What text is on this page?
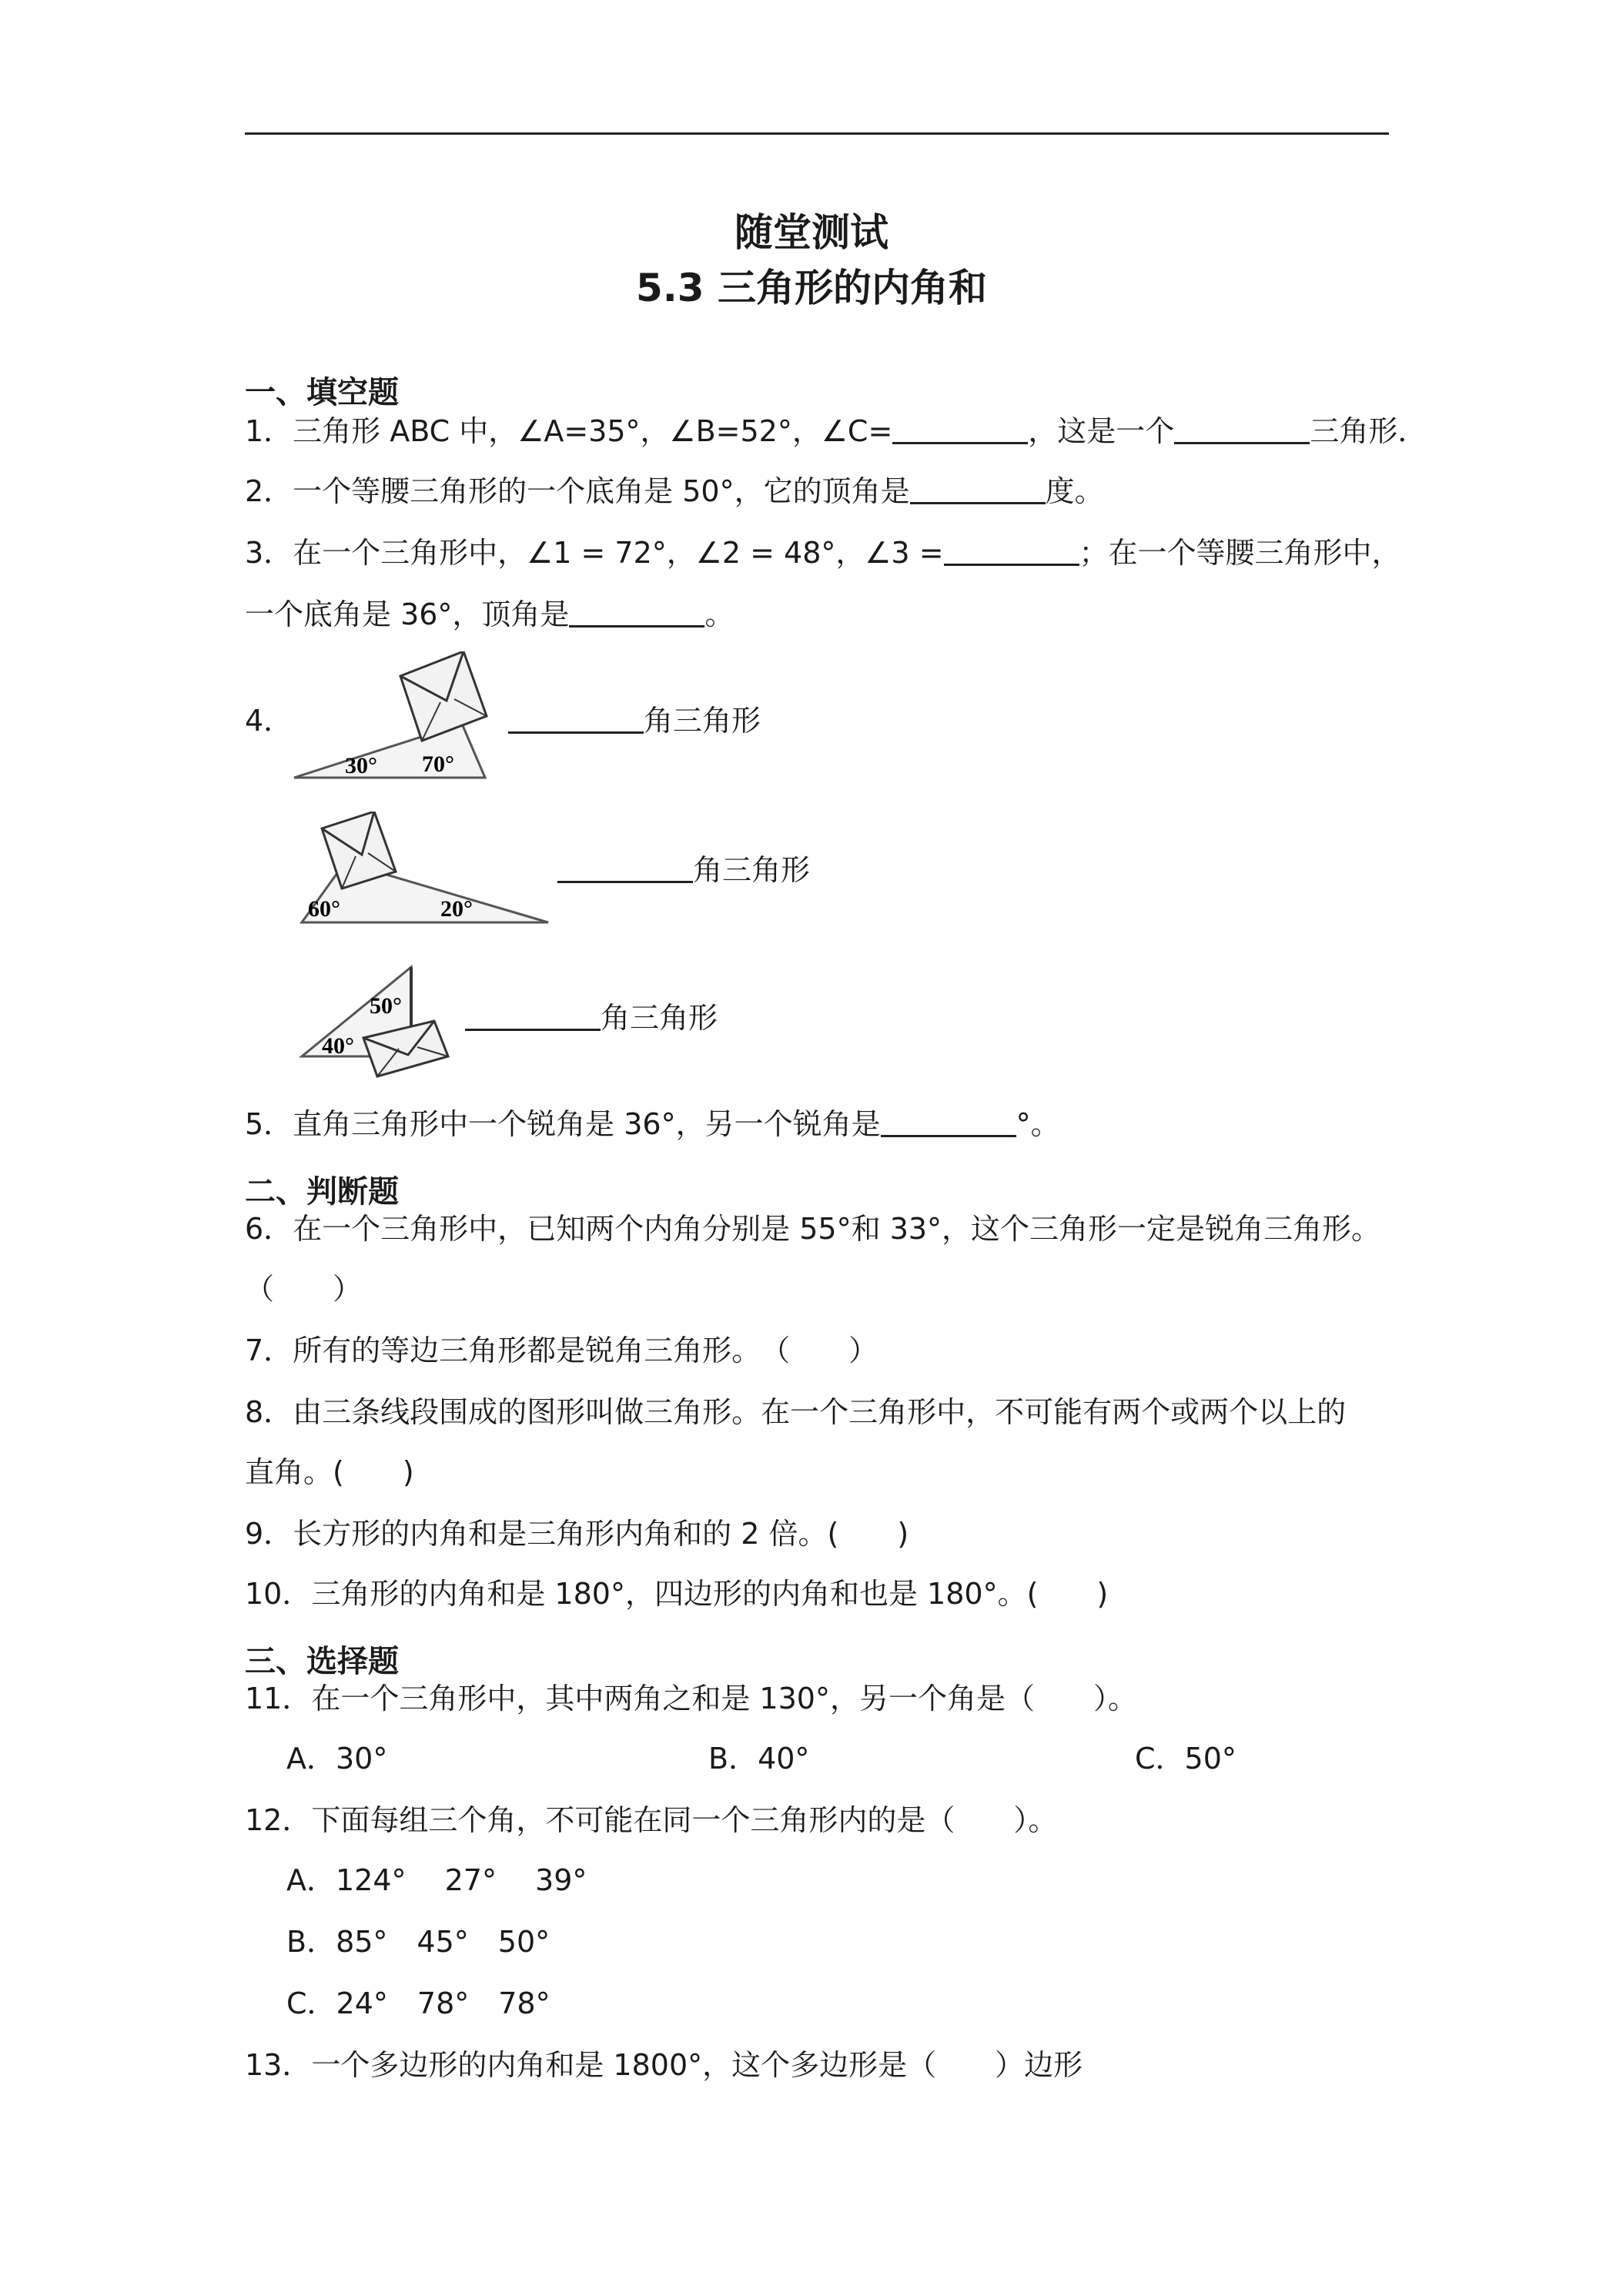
随堂测试
5.3 三角形的内角和
一、填空题
1．三角形 ABC 中，∠A=35°，∠B=52°，∠C=	，这是一个	三角形．
2．一个等腰三角形的一个底角是 50°，它的顶角是	度。
3．在一个三角形中，∠1 = 72°，∠2 = 48°，∠3 =	；在一个等腰三角形中，
一个底角是 36°，顶角是	。
4．
30° 70°
角三角形
60°	20°
角三角形
50°
40°
角三角形
5．直角三角形中一个锐角是 36°，另一个锐角是	°。
二、判断题
6．在一个三角形中，已知两个内角分别是 55°和 33°，这个三角形一定是锐角三角形。
（　　）
7．所有的等边三角形都是锐角三角形。　（　　）
8．由三条线段围成的图形叫做三角形。在一个三角形中，不可能有两个或两个以上的
直角。(　　)
9．长方形的内角和是三角形内角和的 2 倍。(　　)
10．三角形的内角和是 180°，四边形的内角和也是 180°。(　　)
三、选择题
11．在一个三角形中，其中两角之和是 130°，另一个角是（　　）。
A．30°	B．40°	C．50°
12．下面每组三个角，不可能在同一个三角形内的是（　　）。
A．124°　 27°　 39°
B．85°　45°　50°
C．24°　78°　78°
13．一个多边形的内角和是 1800°，这个多边形是（　　）边形
